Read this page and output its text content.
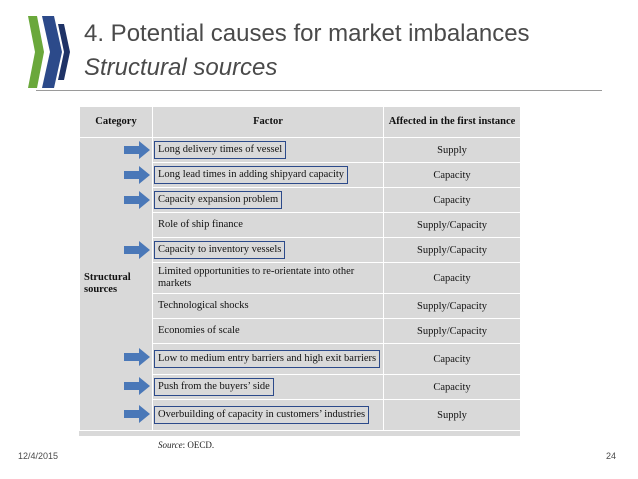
4. Potential causes for market imbalances
Structural sources
Category	Factor	Affected in the first instance
Structural sources	Long delivery times of vessel	Supply
	Long lead times in adding shipyard capacity	Capacity
	Capacity expansion problem	Capacity
	Role of ship finance	Supply/Capacity
	Capacity to inventory vessels	Supply/Capacity
	Limited opportunities to re-orientate into other markets	Capacity
	Technological shocks	Supply/Capacity
	Economies of scale	Supply/Capacity
	Low to medium entry barriers and high exit barriers	Capacity
	Push from the buyers’ side	Capacity
	Overbuilding of capacity in customers’ industries	Supply
Source: OECD.
12/4/2015	24
